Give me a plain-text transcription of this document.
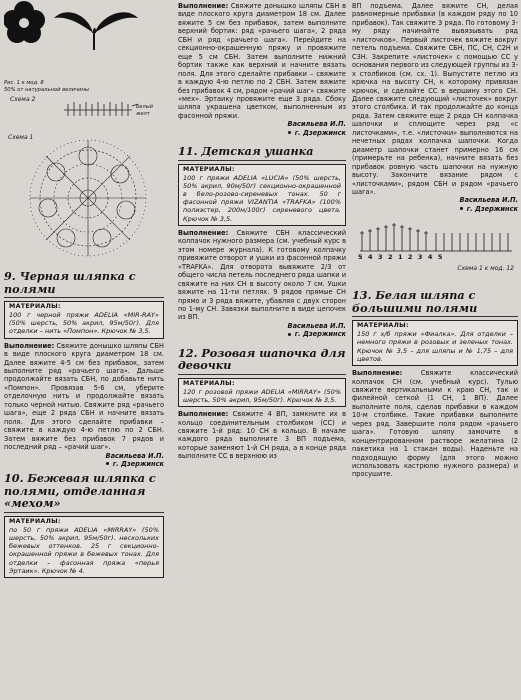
Рис. 1 к мод. 8

50% от натуральной величины

Схема 2
Белый желт
Схема 1

9. Черная шляпка с полями

МАТЕРИАЛЫ:
100 г черной пряжи ADELIA «MIR-RAY» (50% шерсть, 50% акрил, 95м/50г). Для отделки – нить «Помпон». Крючок № 3,5.

Выполнение: Свяжите донышко шляпы СБН в виде плоского круга диаметром 18 см. Далее вяжите 4-5 см без прибавок, затем выполните ряд «рачьего шага». Дальше продолжайте вязать СБН, по добавьте нить «Помпон». Провязав 5-6 см, уберите отделочную нить и продолжайте вязать только черной нитью. Свяжите ряд «рачьего шага», еще 2 ряда СБН и начните вязать поля. Для этого сделайте прибавки – свяжите в каждую 4-ю петлю по 2 СБН. Затем вяжите без прибавок 7 рядов и последний ряд – «рачий шаг».

Васильева И.П.

г. Дзержинск

10. Бежевая шляпка с полями, отделанная «мехом»

МАТЕРИАЛЫ:
по 50 г пряжи ADELIA «MIRRAY» (50% шерсть, 50% акрил, 95м/50г). нескольких бежевых оттенков. 25 г секционно-окрашенной пряжи в бежевых тонах. Для отделки – фасонная пряжа «перья Эртаик». Крючок № 4.

Выполнение: Свяжите донышко шляпы СБН в виде плоского круга диаметром 18 см. Далее вяжите 5 см без прибавок, затем выполните верхний бортик: ряд «рачьего шага», 2 ряда СБН и ряд «рачьего шага». Перейдите на секционно-окрашенную пряжу и провяжите еще 5 см СБН. Затем выполните нижний бортик также как верхний и начните вязать поля. Для этого сделайте прибавки – свяжите в каждую 4-ю петлю по 2 СБН. Затем вяжите без прибавок 4 см, рядом «рачий шаг» свяжите «мех». Эртаику провяжите еще 3 ряда. Сбоку шляпа украшена цветком, выполненным из фасонной пряжи.

Васильева И.П.

г. Дзержинск

11. Детская ушанка

МАТЕРИАЛЫ:
100 г пряжи ADELIA «LUCIA» (50% шерсть, 50% акрил, 90м/50г) секционно-окрашенной в бело-розово-сиреневых тонах. 50 г фасонной пряжи VIZANTIA «TRAFKA» (100% полиэстер, 200м/100г) сиреневого цвета. Крючок № 3,5.

Выполнение: Свяжите СБН классический колпачок нужного размера (см. учебный курс в этом номере журнала). К готовому колпачку привяжите отворот и ушки из фасонной пряжи «TRAFKA». Для отворота вывяжите 2/3 от общего числа петель последнего ряда шапки и свяжите на них СН в высоту около 7 см. Ушки вяжите на 11-ти петлях. 9 рядов прямые СН прямо и 3 ряда вяжите, убавляя с двух сторон по 1-му СН. Завязки выполните в виде цепочек из ВП.

Васильева И.П.

г. Дзержинск

12. Розовая шапочка для девочки

МАТЕРИАЛЫ:
120 г розовой пряжи ADELIA «MIRRAY» (50% шерсть, 50% акрил, 95м/50г). Крючок № 3,5.

Выполнение: Свяжите 4 ВП, замкните их в кольцо соединительным столбиком (СС) и свяжите 1-й ряд: 10 СН в кольцо. В начале каждого ряда выполните 3 ВП подъема, которые заменяют 1-й СН ряда, а в конце ряда выполните СС в верхнюю из

ВП подъема. Далее вяжите СН, делая равномерные прибавки (в каждом ряду по 10 прибавок). Так свяжите 3 ряда. По готовому 3-му ряду начинайте вывязывать ряд «листочков». Первый листочек вяжите вокруг петель подъема. Свяжите СБН, ПС, СН, С2Н и С3Н. Закрепите «листочек» с помощью СС у основания первого из следующей группы из 3-х столбиков (см. сх. 1). Выпустите петлю из крючка на высоту СН, к которому привязан крючок, и сделайте СС в вершину этого СН. Далее свяжите следующий «листочек» вокруг этого столбика. И так продолжайте до конца ряда. Затем свяжите еще 2 ряда СН колпачка шапочки и сплющите через ряд «с листочками», т.е. «листочки» выполняются на нечетных рядах колпачка шапочки. Когда диаметр шапочки станет примерно 16 см (примерьте на ребенка), начните вязать без прибавок ровную часть шапочки на нужную высоту. Закончите вязание рядом с «листочками», рядом СБН и рядом «рачьего шага».

Васильева И.П.

г. Дзержинск

5 4 3 2 1 2 3 4 5
Схема 1 к мод. 12

13. Белая шляпа с большими полями

МАТЕРИАЛЫ:
150 г х/б пряжи «Фиалка». Для отделки – немного пряжи в розовых и зеленых тонах. Крючок № 3,5 – для шляпы и № 1,75 – для цветов.

Выполнение:	Свяжите классический колпачок СН (см. учебный курс). Тулью свяжите вертикальными к краю СН, так и филейной сеткой (1 СН, 1 ВП). Далее выполните поля, сделав прибавки в каждом 10-м столбике. Такие прибавки выполните через ряд. Завершите поля рядом «рачьего шага». Готовую шляпу замочите в концентрированном растворе желатина (2 пакетика на 1 стакан воды). Наденьте на подходящую форму (для этого можно использовать кастрюлю нужного размера) и просушите.
